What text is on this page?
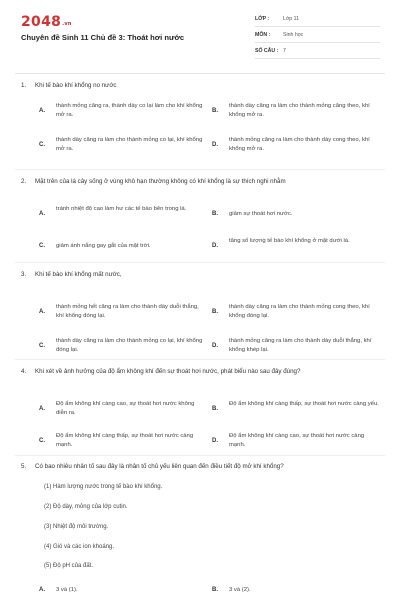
2048.vn
Chuyên đề Sinh 11 Chủ đề 3: Thoát hơi nước
LỚP :	Lớp 11
MÔN : Sinh học
SỐ CÂU : 7
1. Khi tế bào khí khổng no nước
A.
thành mỏng căng ra, thành dày co lại làm cho khí khổng mở ra.
B.
thành dày căng ra làm cho thành mỏng căng theo, khí khổng mở ra.
C.
thành dày căng ra làm cho thành mỏng co lại, khí khổng mở ra.
D.
thành mỏng căng ra làm cho thành dày cong theo, khí khổng mở ra.
2. Mặt trên của lá cây sống ở vùng khô hạn thường không có khí khổng là sự thích nghi nhằm
A.
tránh nhiệt độ cao làm hư các tế bào bên trong lá.
B. giảm sự thoát hơi nước.
C. giảm ánh nắng gay gắt của mặt trời.	D.
tăng số lượng tế bào khí khổng ở mặt dưới lá.
3. Khi tế bào khí khổng mất nước,
A.
thành mỏng hết căng ra làm cho thành dày duỗi thẳng, khí khổng đóng lại.
B.
thành dày căng ra làm cho thành mỏng cong theo, khí khổng đóng lại.
C.
thành dày căng ra làm cho thành mỏng co lại, khí khổng đóng lại.
D.
thành mỏng căng ra làm cho thành dày duỗi thẳng, khí khổng khép lại.
4. Khi xét về ảnh hưởng của độ ẩm không khí đến sự thoát hơi nước, phát biểu nào sau đây đúng?
A.
Độ ẩm không khí càng cao, sự thoát hơi nước không diễn ra.
B.
Độ ẩm không khí càng thấp, sự thoát hơi nước càng yếu.
C.
Độ ẩm không khí càng thấp, sự thoát hơi nước càng mạnh.
D.
Độ ẩm không khí càng cao, sự thoát hơi nước càng mạnh.
5. Có bao nhiêu nhân tố sau đây là nhân tố chủ yếu liên quan đến điều tiết độ mở khí khổng?
(1) Hàm lượng nước trong tế bào khí khổng.
(2) Độ dày, mỏng của lớp cutin.
(3) Nhiệt độ môi trường.
(4) Gió và các ion khoáng.
(5) Độ pH của đất.
A. 3 và (1).	B. 3 và (2).
